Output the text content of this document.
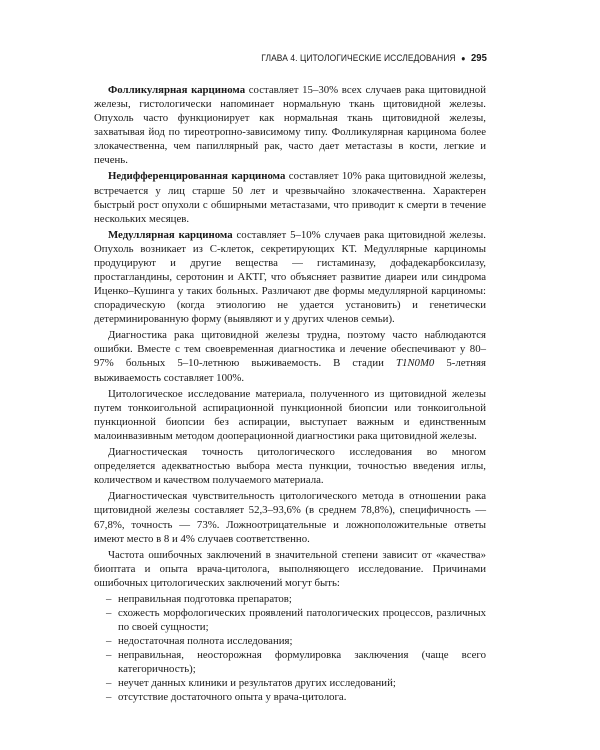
ГЛАВА 4. ЦИТОЛОГИЧЕСКИЕ ИССЛЕДОВАНИЯ ● 295

Фолликулярная карцинома составляет 15–30% всех случаев рака щитовидной железы, гистологически напоминает нормальную ткань щитовидной железы. Опухоль часто функционирует как нормальная ткань щитовидной железы, захватывая йод по тиреотропно-зависимому типу. Фолликулярная карцинома более злокачественна, чем папиллярный рак, часто дает метастазы в кости, легкие и печень.

Недифференцированная карцинома составляет 10% рака щитовидной железы, встречается у лиц старше 50 лет и чрезвычайно злокачественна. Характерен быстрый рост опухоли с обширными метастазами, что приводит к смерти в течение нескольких месяцев.

Медуллярная карцинома составляет 5–10% случаев рака щитовидной железы. Опухоль возникает из С-клеток, секретирующих КТ. Медуллярные карциномы продуцируют и другие вещества — гистаминазу, дофадекарбоксилазу, простагландины, серотонин и АКТГ, что объясняет развитие диареи или синдрома Иценко–Кушинга у таких больных. Различают две формы медуллярной карциномы: спорадическую (когда этиологию не удается установить) и генетически детерминированную форму (выявляют и у других членов семьи).

Диагностика рака щитовидной железы трудна, поэтому часто наблюдаются ошибки. Вместе с тем своевременная диагностика и лечение обеспечивают у 80–97% больных 5–10-летнюю выживаемость. В стадии T1N0M0 5-летняя выживаемость составляет 100%.

Цитологическое исследование материала, полученного из щитовидной железы путем тонкоигольной аспирационной пункционной биопсии или тонкоигольной пункционной биопсии без аспирации, выступает важным и единственным малоинвазивным методом дооперационной диагностики рака щитовидной железы.

Диагностическая точность цитологического исследования во многом определяется адекватностью выбора места пункции, точностью введения иглы, количеством и качеством получаемого материала.

Диагностическая чувствительность цитологического метода в отношении рака щитовидной железы составляет 52,3–93,6% (в среднем 78,8%), специфичность — 67,8%, точность — 73%. Ложноотрицательные и ложноположительные ответы имеют место в 8 и 4% случаев соответственно.

Частота ошибочных заключений в значительной степени зависит от «качества» биоптата и опыта врача-цитолога, выполняющего исследование. Причинами ошибочных цитологических заключений могут быть:

– неправильная подготовка препаратов;
– схожесть морфологических проявлений патологических процессов, различных по своей сущности;
– недостаточная полнота исследования;
– неправильная, неосторожная формулировка заключения (чаще всего категоричность);
– неучет данных клиники и результатов других исследований;
– отсутствие достаточного опыта у врача-цитолога.
